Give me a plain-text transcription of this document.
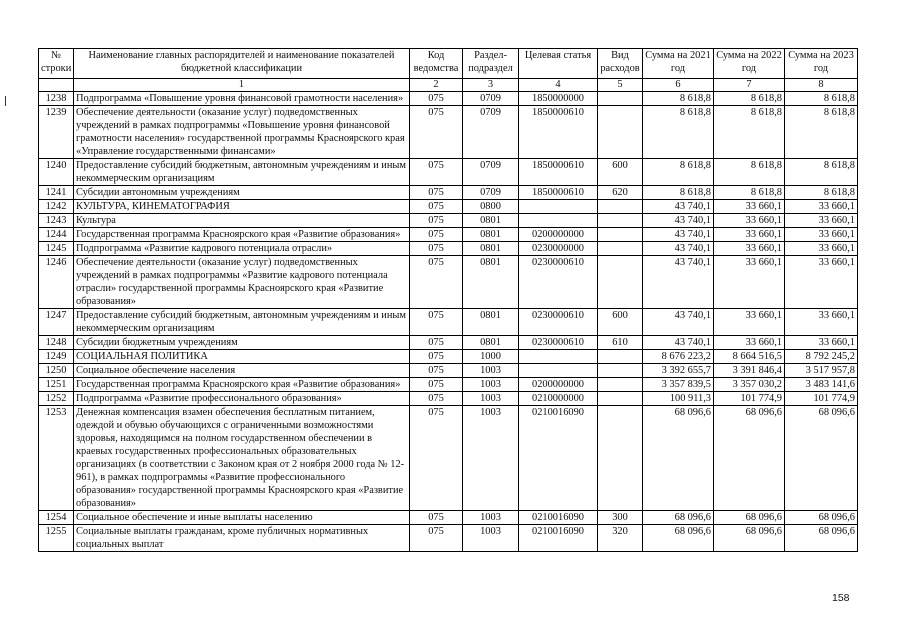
№ строки	Наименование главных распорядителей и наименование показателей бюджетной классификации	Код ведомства	Раздел-подраздел	Целевая статья	Вид расходов	Сумма на 2021 год	Сумма на 2022 год	Сумма на 2023 год
	1	2	3	4	5	6	7	8
1238	Подпрограмма «Повышение уровня финансовой грамотности населения»	075	0709	1850000000		8 618,8	8 618,8	8 618,8
1239	Обеспечение деятельности (оказание услуг) подведомственных учреждений в рамках подпрограммы «Повышение уровня финансовой грамотности населения» государственной программы Красноярского края «Управление государственными финансами»	075	0709	1850000610		8 618,8	8 618,8	8 618,8
1240	Предоставление субсидий бюджетным, автономным учреждениям и иным некоммерческим организациям	075	0709	1850000610	600	8 618,8	8 618,8	8 618,8
1241	Субсидии автономным учреждениям	075	0709	1850000610	620	8 618,8	8 618,8	8 618,8
1242	КУЛЬТУРА, КИНЕМАТОГРАФИЯ	075	0800			43 740,1	33 660,1	33 660,1
1243	Культура	075	0801			43 740,1	33 660,1	33 660,1
1244	Государственная программа Красноярского края «Развитие образования»	075	0801	0200000000		43 740,1	33 660,1	33 660,1
1245	Подпрограмма «Развитие кадрового потенциала отрасли»	075	0801	0230000000		43 740,1	33 660,1	33 660,1
1246	Обеспечение деятельности (оказание услуг) подведомственных учреждений в рамках подпрограммы «Развитие кадрового потенциала отрасли» государственной программы Красноярского края «Развитие образования»	075	0801	0230000610		43 740,1	33 660,1	33 660,1
1247	Предоставление субсидий бюджетным, автономным учреждениям и иным некоммерческим организациям	075	0801	0230000610	600	43 740,1	33 660,1	33 660,1
1248	Субсидии бюджетным учреждениям	075	0801	0230000610	610	43 740,1	33 660,1	33 660,1
1249	СОЦИАЛЬНАЯ ПОЛИТИКА	075	1000			8 676 223,2	8 664 516,5	8 792 245,2
1250	Социальное обеспечение населения	075	1003			3 392 655,7	3 391 846,4	3 517 957,8
1251	Государственная программа Красноярского края «Развитие образования»	075	1003	0200000000		3 357 839,5	3 357 030,2	3 483 141,6
1252	Подпрограмма «Развитие профессионального образования»	075	1003	0210000000		100 911,3	101 774,9	101 774,9
1253	Денежная компенсация взамен обеспечения бесплатным питанием, одеждой и обувью обучающихся с ограниченными возможностями здоровья, находящимся на полном государственном обеспечении в краевых государственных профессиональных образовательных организациях (в соответствии с Законом края от 2 ноября 2000 года № 12-961), в рамках подпрограммы «Развитие профессионального образования» государственной программы Красноярского края «Развитие образования»	075	1003	0210016090		68 096,6	68 096,6	68 096,6
1254	Социальное обеспечение и иные выплаты населению	075	1003	0210016090	300	68 096,6	68 096,6	68 096,6
1255	Социальные выплаты гражданам, кроме публичных нормативных социальных выплат	075	1003	0210016090	320	68 096,6	68 096,6	68 096,6
158
